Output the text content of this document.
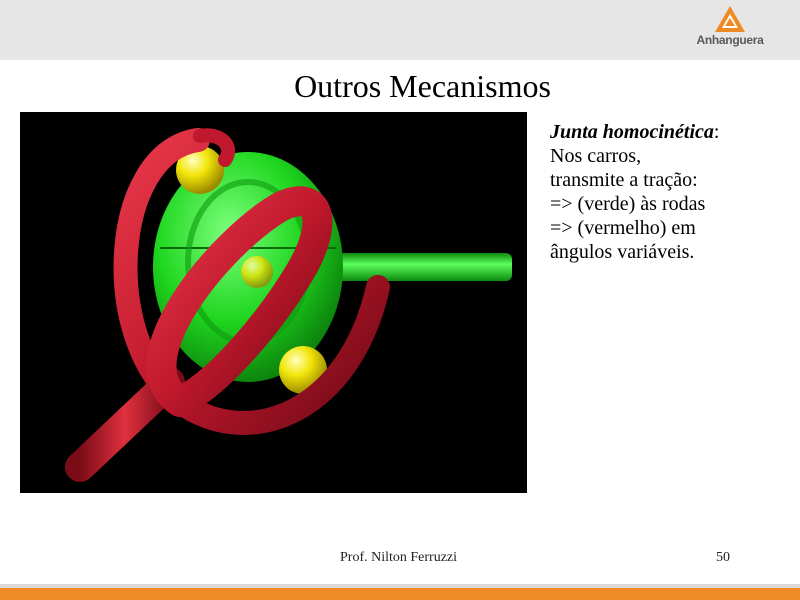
Anhanguera
Outros Mecanismos
Junta homocinética:
Nos carros,
transmite a tração:
=> (verde) às rodas
=> (vermelho) em
ângulos variáveis.
Prof. Nilton Ferruzzi	50
